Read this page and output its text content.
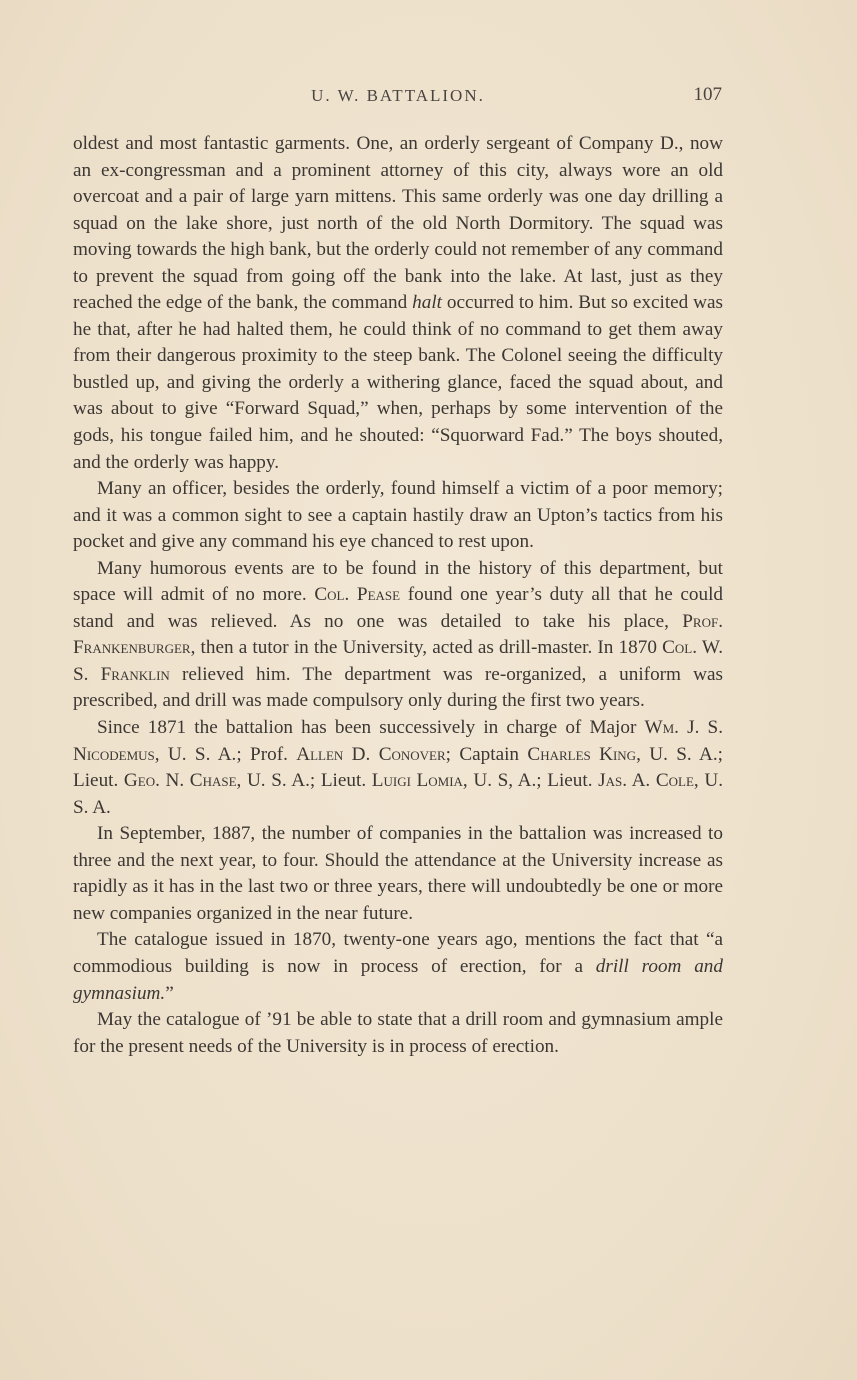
U. W. BATTALION.	107

oldest and most fantastic garments. One, an orderly sergeant of Company D., now an ex-congressman and a prominent attorney of this city, always wore an old overcoat and a pair of large yarn mittens. This same orderly was one day drilling a squad on the lake shore, just north of the old North Dormitory. The squad was moving towards the high bank, but the orderly could not remember of any command to prevent the squad from going off the bank into the lake. At last, just as they reached the edge of the bank, the command halt occurred to him. But so excited was he that, after he had halted them, he could think of no command to get them away from their dangerous proximity to the steep bank. The Colonel seeing the difficulty bustled up, and giving the orderly a withering glance, faced the squad about, and was about to give “Forward Squad,” when, perhaps by some intervention of the gods, his tongue failed him, and he shouted: “Squorward Fad.” The boys shouted, and the orderly was happy.

Many an officer, besides the orderly, found himself a victim of a poor memory; and it was a common sight to see a captain hastily draw an Upton’s tactics from his pocket and give any command his eye chanced to rest upon.

Many humorous events are to be found in the history of this department, but space will admit of no more. Col. Pease found one year’s duty all that he could stand and was relieved. As no one was detailed to take his place, Prof. Frankenburger, then a tutor in the University, acted as drill-master. In 1870 Col. W. S. Franklin relieved him. The department was re-organized, a uniform was prescribed, and drill was made compulsory only during the first two years.

Since 1871 the battalion has been successively in charge of Major Wm. J. S. Nicodemus, U. S. A.; Prof. Allen D. Conover; Captain Charles King, U. S. A.; Lieut. Geo. N. Chase, U. S. A.; Lieut. Luigi Lomia, U. S, A.; Lieut. Jas. A. Cole, U. S. A.

In September, 1887, the number of companies in the battalion was increased to three and the next year, to four. Should the attendance at the University increase as rapidly as it has in the last two or three years, there will undoubtedly be one or more new companies organized in the near future.

The catalogue issued in 1870, twenty-one years ago, mentions the fact that “a commodious building is now in process of erection, for a drill room and gymnasium.”

May the catalogue of ’91 be able to state that a drill room and gymnasium ample for the present needs of the University is in process of erection.
